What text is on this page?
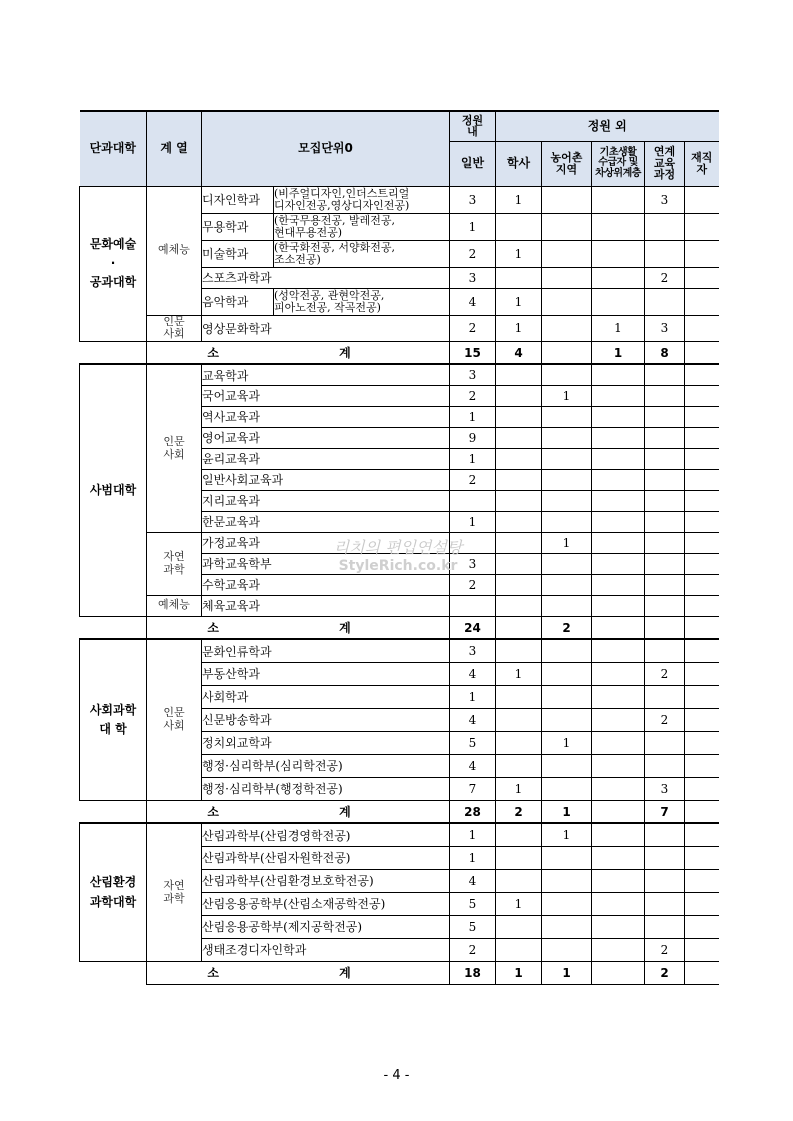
단과대학	계 열	모집단위0		정원
내	정원 외				
				일반	학사	농어촌
지역	기초생활
수급자 및
차상위계층	연계
교육
과정	재직
자
문화예술
·
공과대학	예체능	디자인학과	(비주얼디자인,인더스트리얼
디자인전공,영상디자인전공)	3	1			3	
		무용학과	(한국무용전공, 발레전공,
현대무용전공)	1					
		미술학과	(한국화전공, 서양화전공,
조소전공)	2	1				
		스포츠과학과		3				2	
		음악학과	(성악전공, 관현악전공,
피아노전공, 작곡전공)	4	1				
	인문
사회	영상문화학과		2	1		1	3	
	소 계			15	4		1	8	
사범대학	인문
사회	교육학과		3					
		국어교육과		2		1			
		역사교육과		1					
		영어교육과		9					
		윤리교육과		1					
		일반사회교육과		2					
		지리교육과							
		한문교육과		1					
	자연
과학	가정교육과				1			
		과학교육학부		3					
		수학교육과		2					
	예체능	체육교육과							
	소 계			24		2			
사회과학
대 학	인문
사회	문화인류학과		3					
		부동산학과		4	1			2	
		사회학과		1					
		신문방송학과		4				2	
		정치외교학과		5		1			
		행정·심리학부(심리학전공)		4					
		행정·심리학부(행정학전공)		7	1			3	
	소 계			28	2	1		7	
산림환경
과학대학	자연
과학	산림과학부(산림경영학전공)		1		1			
		산림과학부(산림자원학전공)		1					
		산림과학부(산림환경보호학전공)		4					
		산림응용공학부(산림소재공학전공)		5	1				
		산림응용공학부(제지공학전공)		5					
		생태조경디자인학과		2				2	
	소 계			18	1	1		2	
리치의 편입연설탕
StyleRich.co.kr
- 4 -
